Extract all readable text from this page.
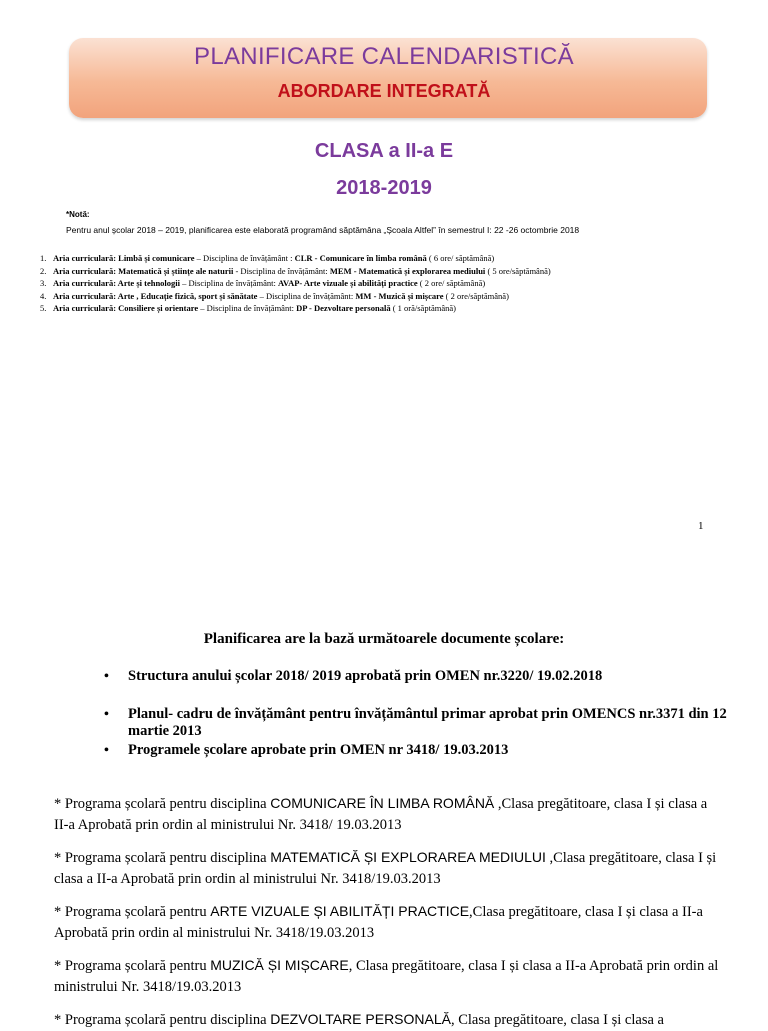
PLANIFICARE CALENDARISTICĂ
ABORDARE INTEGRATĂ
CLASA a II-a E
2018-2019
*Notă:
Pentru anul școlar 2018 – 2019, planificarea este elaborată programând săptămâna „Școala Altfel” în semestrul I: 22 -26 octombrie 2018
1. Aria curriculară: Limbă și comunicare – Disciplina de învățământ : CLR - Comunicare în limba română ( 6 ore/ săptămână)
2. Aria curriculară: Matematică și științe ale naturii - Disciplina de învățământ: MEM - Matematică și explorarea mediului ( 5 ore/săptămână)
3. Aria curriculară: Arte și tehnologii – Disciplina de învățământ: AVAP- Arte vizuale și abilități practice ( 2 ore/ săptămână)
4. Aria curriculară: Arte , Educație fizică, sport și sănătate – Disciplina de învățământ: MM - Muzică și mișcare ( 2 ore/săptămână)
5. Aria curriculară: Consiliere și orientare – Disciplina de învățământ: DP - Dezvoltare personală ( 1 oră/săptămână)
1
Planificarea are la bază următoarele documente școlare:
• Structura anului școlar 2018/ 2019 aprobată prin OMEN nr.3220/ 19.02.2018
• Planul- cadru de învățământ pentru învățământul primar aprobat prin OMENCS nr.3371 din 12 martie 2013
• Programele școlare aprobate prin OMEN nr 3418/ 19.03.2013
* Programa școlară pentru disciplina COMUNICARE ÎN LIMBA ROMÂNĂ ,Clasa pregătitoare, clasa I și clasa a II-a Aprobată prin ordin al ministrului Nr. 3418/ 19.03.2013
* Programa școlară pentru disciplina MATEMATICĂ ȘI EXPLORAREA MEDIULUI ,Clasa pregătitoare, clasa I și clasa a II-a Aprobată prin ordin al ministrului Nr. 3418/19.03.2013
* Programa școlară pentru ARTE VIZUALE ȘI ABILITĂȚI PRACTICE,Clasa pregătitoare, clasa I și clasa a II-a Aprobată prin ordin al ministrului Nr. 3418/19.03.2013
* Programa școlară pentru MUZICĂ ȘI MIȘCARE, Clasa pregătitoare, clasa I și clasa a II-a Aprobată prin ordin al ministrului Nr. 3418/19.03.2013
* Programa școlară pentru disciplina DEZVOLTARE PERSONALĂ, Clasa pregătitoare, clasa I și clasa a
